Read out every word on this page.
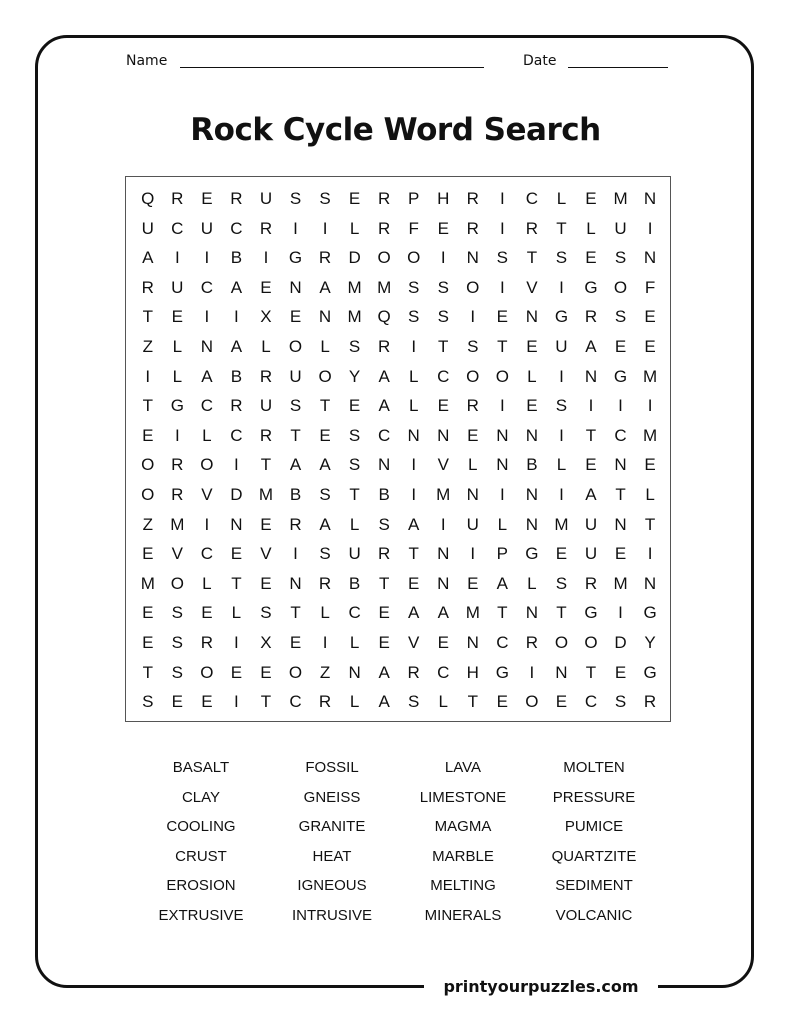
Name	Date
Rock Cycle Word Search
Q R E R U S S E R P H R I C L E M N
U C U C R I I L R F E R I R T L U I
A I I B I G R D O O I N S T S E S N
R U C A E N A M M S S O I V I G O F
T E I I X E N M Q S S I E N G R S E
Z L N A L O L S R I T S T E U A E E
I L A B R U O Y A L C O O L I N G M
T G C R U S T E A L E R I E S I I I
E I L C R T E S C N N E N N I T C M
O R O I T A A S N I V L N B L E N E
O R V D M B S T B I M N I N I A T L
Z M I N E R A L S A I U L N M U N T
E V C E V I S U R T N I P G E U E I
M O L T E N R B T E N E A L S R M N
E S E L S T L C E A A M T N T G I G
E S R I X E I L E V E N C R O O D Y
T S O E E O Z N A R C H G I N T E G
S E E I T C R L A S L T E O E C S R
BASALT	FOSSIL	LAVA	MOLTEN
CLAY	GNEISS	LIMESTONE	PRESSURE
COOLING	GRANITE	MAGMA	PUMICE
CRUST	HEAT	MARBLE	QUARTZITE
EROSION	IGNEOUS	MELTING	SEDIMENT
EXTRUSIVE	INTRUSIVE	MINERALS	VOLCANIC
printyourpuzzles.com
